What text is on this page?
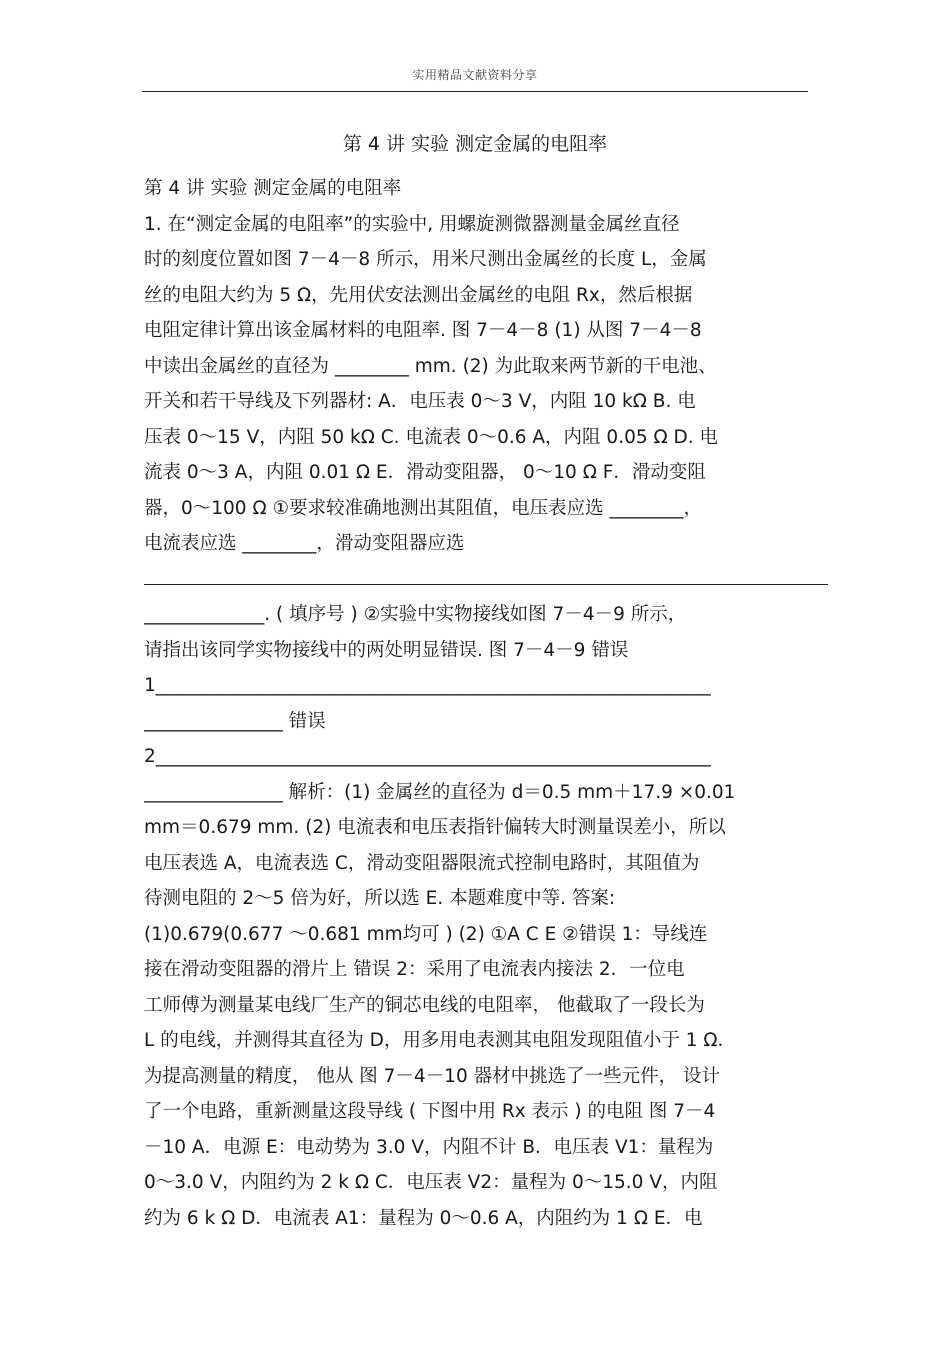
实用精品文献资料分享
第 4 讲 实验 测定金属的电阻率
第 4 讲 实验 测定金属的电阻率
1. 在“测定金属的电阻率”的实验中, 用螺旋测微器测量金属丝直径
时的刻度位置如图 7－4－8 所示，用米尺测出金属丝的长度 L，金属
丝的电阻大约为 5 Ω，先用伏安法测出金属丝的电阻 Rx，然后根据
电阻定律计算出该金属材料的电阻率. 图 7－4－8 (1) 从图 7－4－8
中读出金属丝的直径为 ________ mm. (2) 为此取来两节新的干电池、
开关和若干导线及下列器材: A．电压表 0～3 V，内阻 10 kΩ B. 电
压表 0～15 V，内阻 50 kΩ C. 电流表 0～0.6 A，内阻 0.05 Ω D. 电
流表 0～3 A，内阻 0.01 Ω E．滑动变阻器， 0～10 Ω F．滑动变阻
器，0～100 Ω ①要求较准确地测出其阻值，电压表应选 ________，
电流表应选 ________，滑动变阻器应选
_____________. ( 填序号 ) ②实验中实物接线如图 7－4－9 所示，
请指出该同学实物接线中的两处明显错误. 图 7－4－9 错误
1____________________________________________________________
_______________ 错误
2____________________________________________________________
_______________ 解析：(1) 金属丝的直径为 d＝0.5 mm＋17.9 ×0.01
mm＝0.679 mm. (2) 电流表和电压表指针偏转大时测量误差小，所以
电压表选 A，电流表选 C，滑动变阻器限流式控制电路时，其阻值为
待测电阻的 2～5 倍为好，所以选 E. 本题难度中等. 答案:
(1)0.679(0.677 ～0.681 mm均可 ) (2) ①A C E ②错误 1：导线连
接在滑动变阻器的滑片上 错误 2：采用了电流表内接法 2．一位电
工师傅为测量某电线厂生产的铜芯电线的电阻率， 他截取了一段长为
L 的电线，并测得其直径为 D，用多用电表测其电阻发现阻值小于 1 Ω．
为提高测量的精度， 他从 图 7－4－10 器材中挑选了一些元件， 设计
了一个电路，重新测量这段导线 ( 下图中用 Rx 表示 ) 的电阻 图 7－4
－10 A．电源 E：电动势为 3.0 V，内阻不计 B．电压表 V1：量程为
0～3.0 V，内阻约为 2 k Ω C．电压表 V2：量程为 0～15.0 V，内阻
约为 6 k Ω D．电流表 A1：量程为 0～0.6 A，内阻约为 1 Ω E．电
